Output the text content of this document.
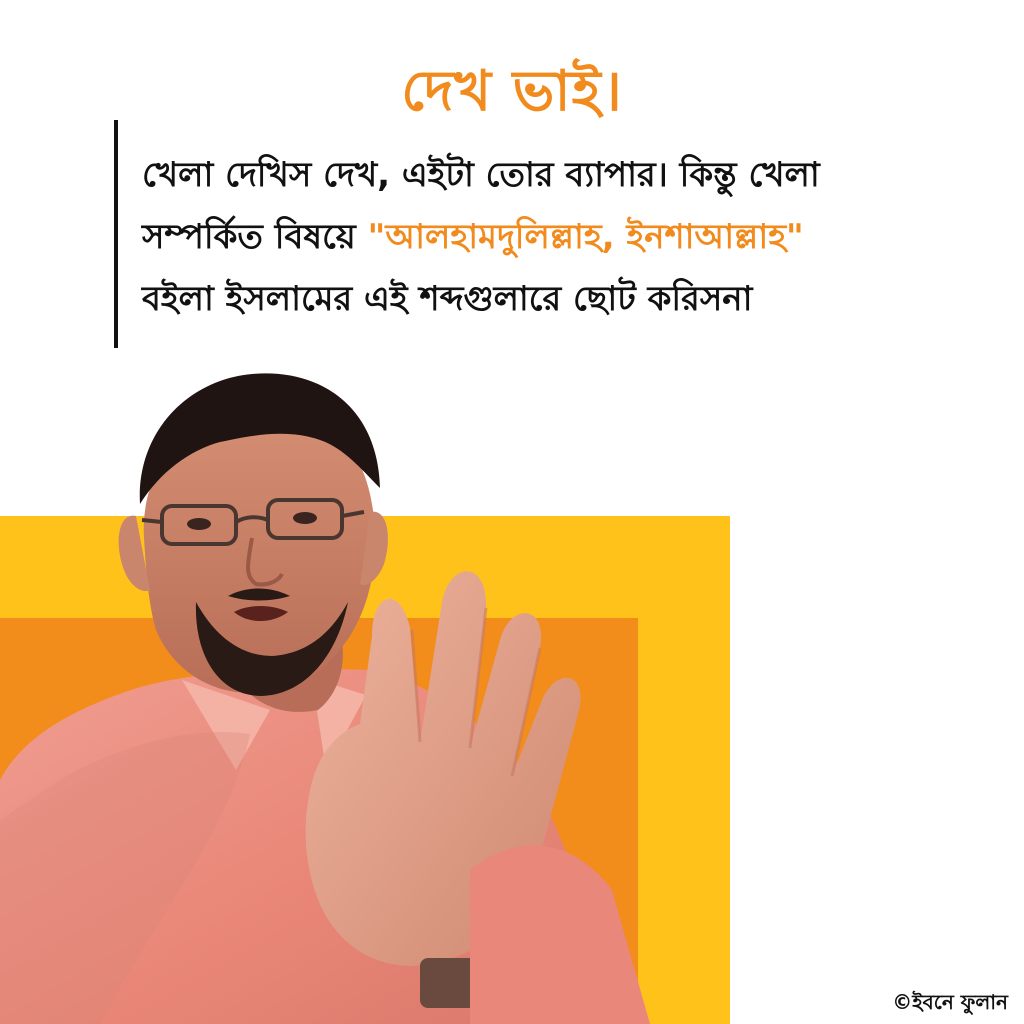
দেখ ভাই।
খেলা দেখিস দেখ, এইটা তোর ব্যাপার। কিন্তু খেলা
সম্পর্কিত বিষয়ে "আলহামদুলিল্লাহ, ইনশাআল্লাহ"
বইলা ইসলামের এই শব্দগুলারে ছোট করিসনা
©ইবনে ফুলান
